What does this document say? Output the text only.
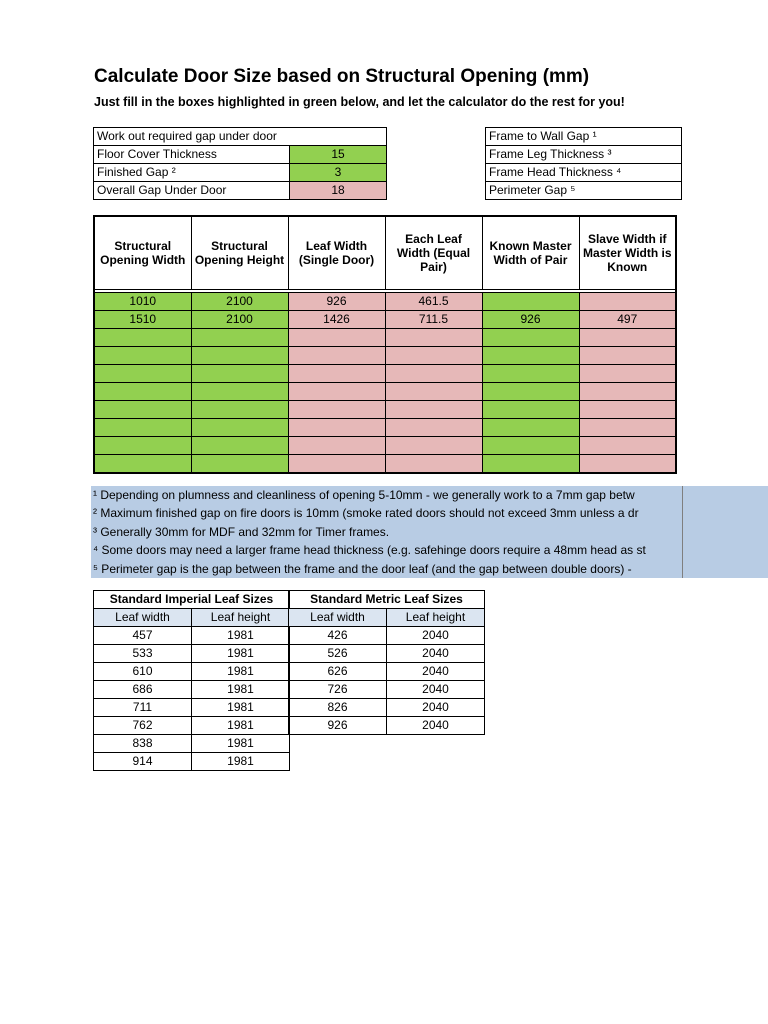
Calculate Door Size based on Structural Opening (mm)
Just fill in the boxes highlighted in green below, and let the calculator do the rest for you!
Work out required gap under door	
Floor Cover Thickness	15
Finished Gap ²	3
Overall Gap Under Door	18
Frame to Wall Gap ¹
Frame Leg Thickness ³
Frame Head Thickness ⁴
Perimeter Gap ⁵
Structural Opening Width	Structural Opening Height	Leaf Width (Single Door)	Each Leaf Width (Equal Pair)	Known Master Width of Pair	Slave Width if Master Width is Known

1010	2100	926	461.5		
1510	2100	1426	711.5	926	497

¹ Depending on plumness and cleanliness of opening 5-10mm - we generally work to a 7mm gap betw
² Maximum finished gap on fire doors is 10mm (smoke rated doors should not exceed 3mm unless a dr
³ Generally 30mm for MDF and 32mm for Timer frames.
⁴ Some doors may need a larger frame head thickness (e.g. safehinge doors require a 48mm head as st
⁵ Perimeter gap is the gap between the frame and the door leaf (and the gap between double doors) -
Standard Imperial Leaf Sizes	
Leaf width	Leaf height
457	1981
533	1981
610	1981
686	1981
711	1981
762	1981
838	1981
914	1981
Standard Metric Leaf Sizes	
Leaf width	Leaf height
426	2040
526	2040
626	2040
726	2040
826	2040
926	2040
